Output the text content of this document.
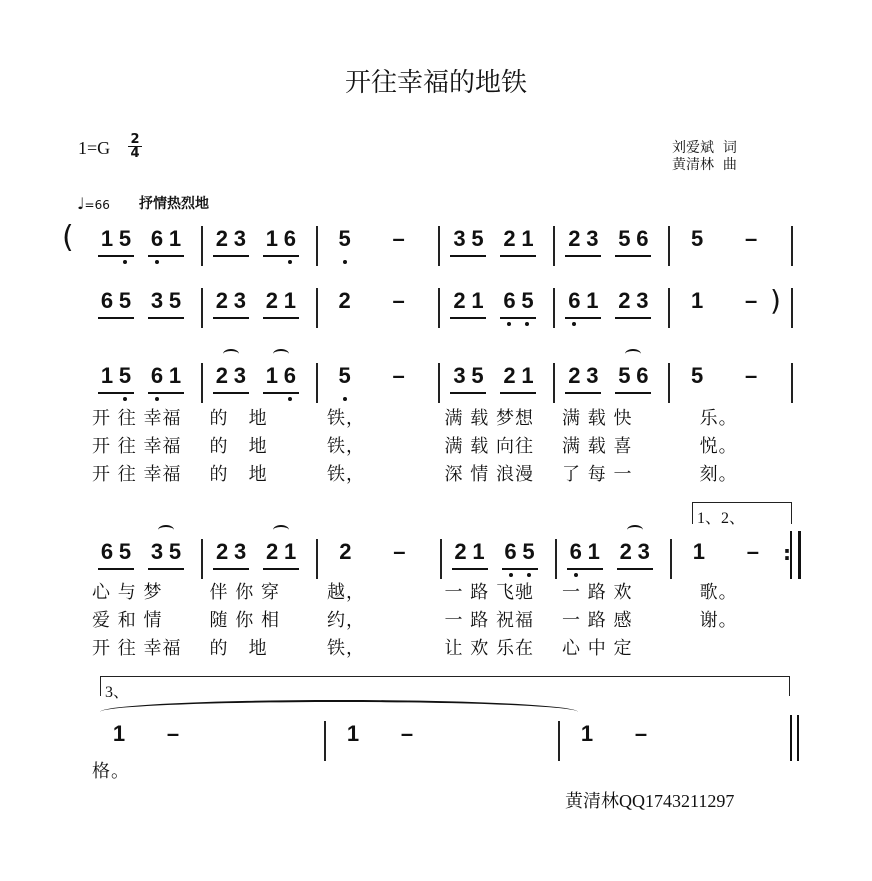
开往幸福的地铁
1=G 2
4	刘爱斌  词
黄清林  曲
♩=66 抒情热烈地
( 1 5 6 1 2 3 1 6 5 – 3 5 2 1 2 3 5 6 5 –
6 5 3 5 2 3 2 1 2 – 2 1 6 5 6 1 2 3 1 – )
1 5 6 1 2 3 1 6 5 – 3 5 2 1 2 3 5 6 5 –
开 往 幸福	的   地	铁，	满 载 梦想	满 载 快	乐。
开 往 幸福	的   地	铁，	满 载 向往	满 载 喜	悦。
开 往 幸福	的   地	铁，	深 情 浪漫	了 每 一	刻。
6 5 3 5 2 3 2 1 2 – 2 1 6 5 6 1 2 3 1 – :
1、2、
心 与 梦	伴 你 穿	越，	一 路 飞驰	一 路 欢	歌。
爱 和 情	随 你 相	约，	一 路 祝福	一 路 感	谢。
开 往 幸福	的   地	铁，	让 欢 乐在	心 中 定
1 –	1 –	1 –
3、
格。
黄清林QQ1743211297
